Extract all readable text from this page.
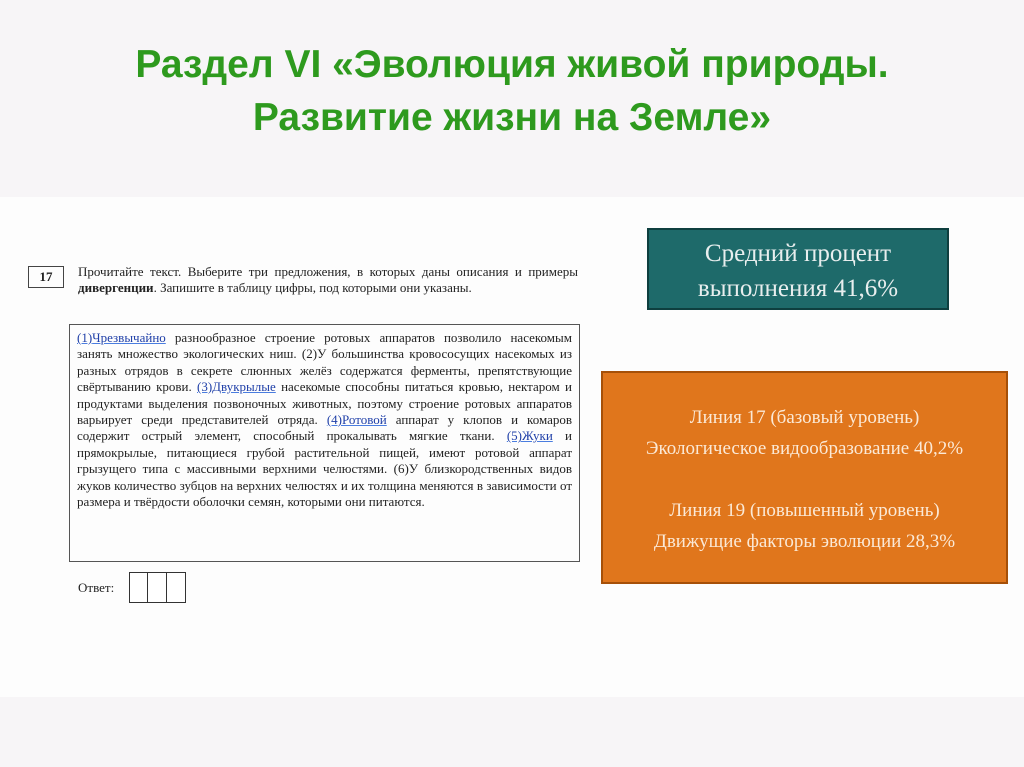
Раздел VI «Эволюция живой природы.
Развитие жизни на Земле»
17	Прочитайте текст. Выберите три предложения, в которых даны описания и примеры дивергенции. Запишите в таблицу цифры, под которыми они указаны.
(1)Чрезвычайно разнообразное строение ротовых аппаратов позволило насекомым занять множество экологических ниш. (2)У большинства кровососущих насекомых из разных отрядов в секрете слюнных желёз содержатся ферменты, препятствующие свёртыванию крови. (3)Двукрылые насекомые способны питаться кровью, нектаром и продуктами выделения позвоночных животных, поэтому строение ротовых аппаратов варьирует среди представителей отряда. (4)Ротовой аппарат у клопов и комаров содержит острый элемент, способный прокалывать мягкие ткани. (5)Жуки и прямокрылые, питающиеся грубой растительной пищей, имеют ротовой аппарат грызущего типа с массивными верхними челюстями. (6)У близкородственных видов жуков количество зубцов на верхних челюстях и их толщина меняются в зависимости от размера и твёрдости оболочки семян, которыми они питаются.
Ответ:
Средний процент
выполнения 41,6%
Линия 17 (базовый уровень)
Экологическое видообразование 40,2%
Линия 19 (повышенный уровень)
Движущие факторы эволюции 28,3%
